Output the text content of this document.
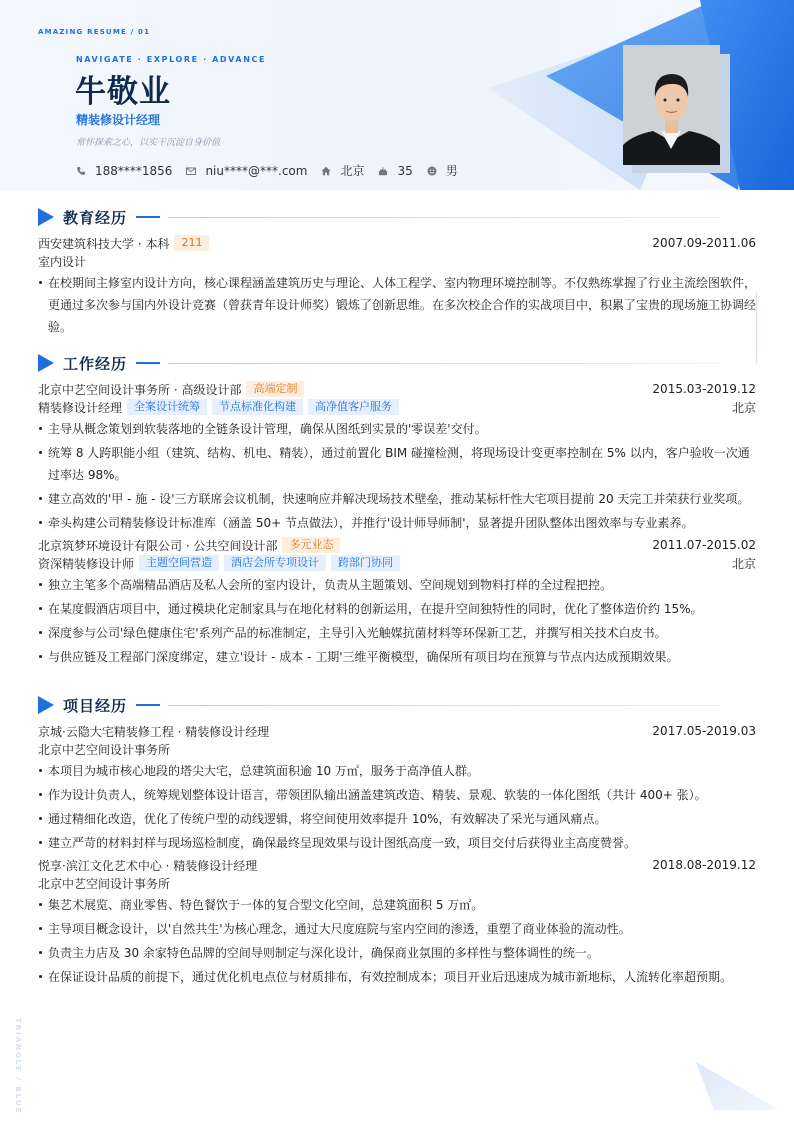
AMAZING RESUME / 01
NAVIGATE · EXPLORE · ADVANCE
牛敬业
精装修设计经理
常怀探索之心，以实干沉淀自身价值
188****1856	niu****@***.com	北京	35	男
教育经历
西安建筑科技大学 · 本科	211	2007.09-2011.06
室内设计
在校期间主修室内设计方向，核心课程涵盖建筑历史与理论、人体工程学、室内物理环境控制等。不仅熟练掌握了行业主流绘图软件，更通过多次参与国内外设计竞赛（曾获青年设计师奖）锻炼了创新思维。在多次校企合作的实战项目中，积累了宝贵的现场施工协调经验。
工作经历
北京中艺空间设计事务所 · 高级设计部	高端定制	2015.03-2019.12
精装修设计经理	全案设计统筹	节点标准化构建	高净值客户服务	北京
主导从概念策划到软装落地的全链条设计管理，确保从图纸到实景的'零误差'交付。
统筹 8 人跨职能小组（建筑、结构、机电、精装），通过前置化 BIM 碰撞检测，将现场设计变更率控制在 5% 以内，客户验收一次通过率达 98%。
建立高效的'甲 - 施 - 设'三方联席会议机制，快速响应并解决现场技术壁垒，推动某标杆性大宅项目提前 20 天完工并荣获行业奖项。
牵头构建公司精装修设计标准库（涵盖 50+ 节点做法），并推行'设计师导师制'，显著提升团队整体出图效率与专业素养。
北京筑梦环境设计有限公司 · 公共空间设计部	多元业态	2011.07-2015.02
资深精装修设计师	主题空间营造	酒店会所专项设计	跨部门协同	北京
独立主笔多个高端精品酒店及私人会所的室内设计，负责从主题策划、空间规划到物料打样的全过程把控。
在某度假酒店项目中，通过模块化定制家具与在地化材料的创新运用，在提升空间独特性的同时，优化了整体造价约 15%。
深度参与公司'绿色健康住宅'系列产品的标准制定，主导引入光触媒抗菌材料等环保新工艺，并撰写相关技术白皮书。
与供应链及工程部门深度绑定，建立'设计 - 成本 - 工期'三维平衡模型，确保所有项目均在预算与节点内达成预期效果。
项目经历
京城·云隐大宅精装修工程 · 精装修设计经理	2017.05-2019.03
北京中艺空间设计事务所
本项目为城市核心地段的塔尖大宅，总建筑面积逾 10 万㎡，服务于高净值人群。
作为设计负责人，统筹规划整体设计语言，带领团队输出涵盖建筑改造、精装、景观、软装的一体化图纸（共计 400+ 张）。
通过精细化改造，优化了传统户型的动线逻辑，将空间使用效率提升 10%，有效解决了采光与通风痛点。
建立严苛的材料封样与现场巡检制度，确保最终呈现效果与设计图纸高度一致，项目交付后获得业主高度赞誉。
悦享·滨江文化艺术中心 · 精装修设计经理	2018.08-2019.12
北京中艺空间设计事务所
集艺术展览、商业零售、特色餐饮于一体的复合型文化空间，总建筑面积 5 万㎡。
主导项目概念设计，以'自然共生'为核心理念，通过大尺度庭院与室内空间的渗透，重塑了商业体验的流动性。
负责主力店及 30 余家特色品牌的空间导则制定与深化设计，确保商业氛围的多样性与整体调性的统一。
在保证设计品质的前提下，通过优化机电点位与材质排布，有效控制成本；项目开业后迅速成为城市新地标，人流转化率超预期。
TRIANGLE / BLUE
